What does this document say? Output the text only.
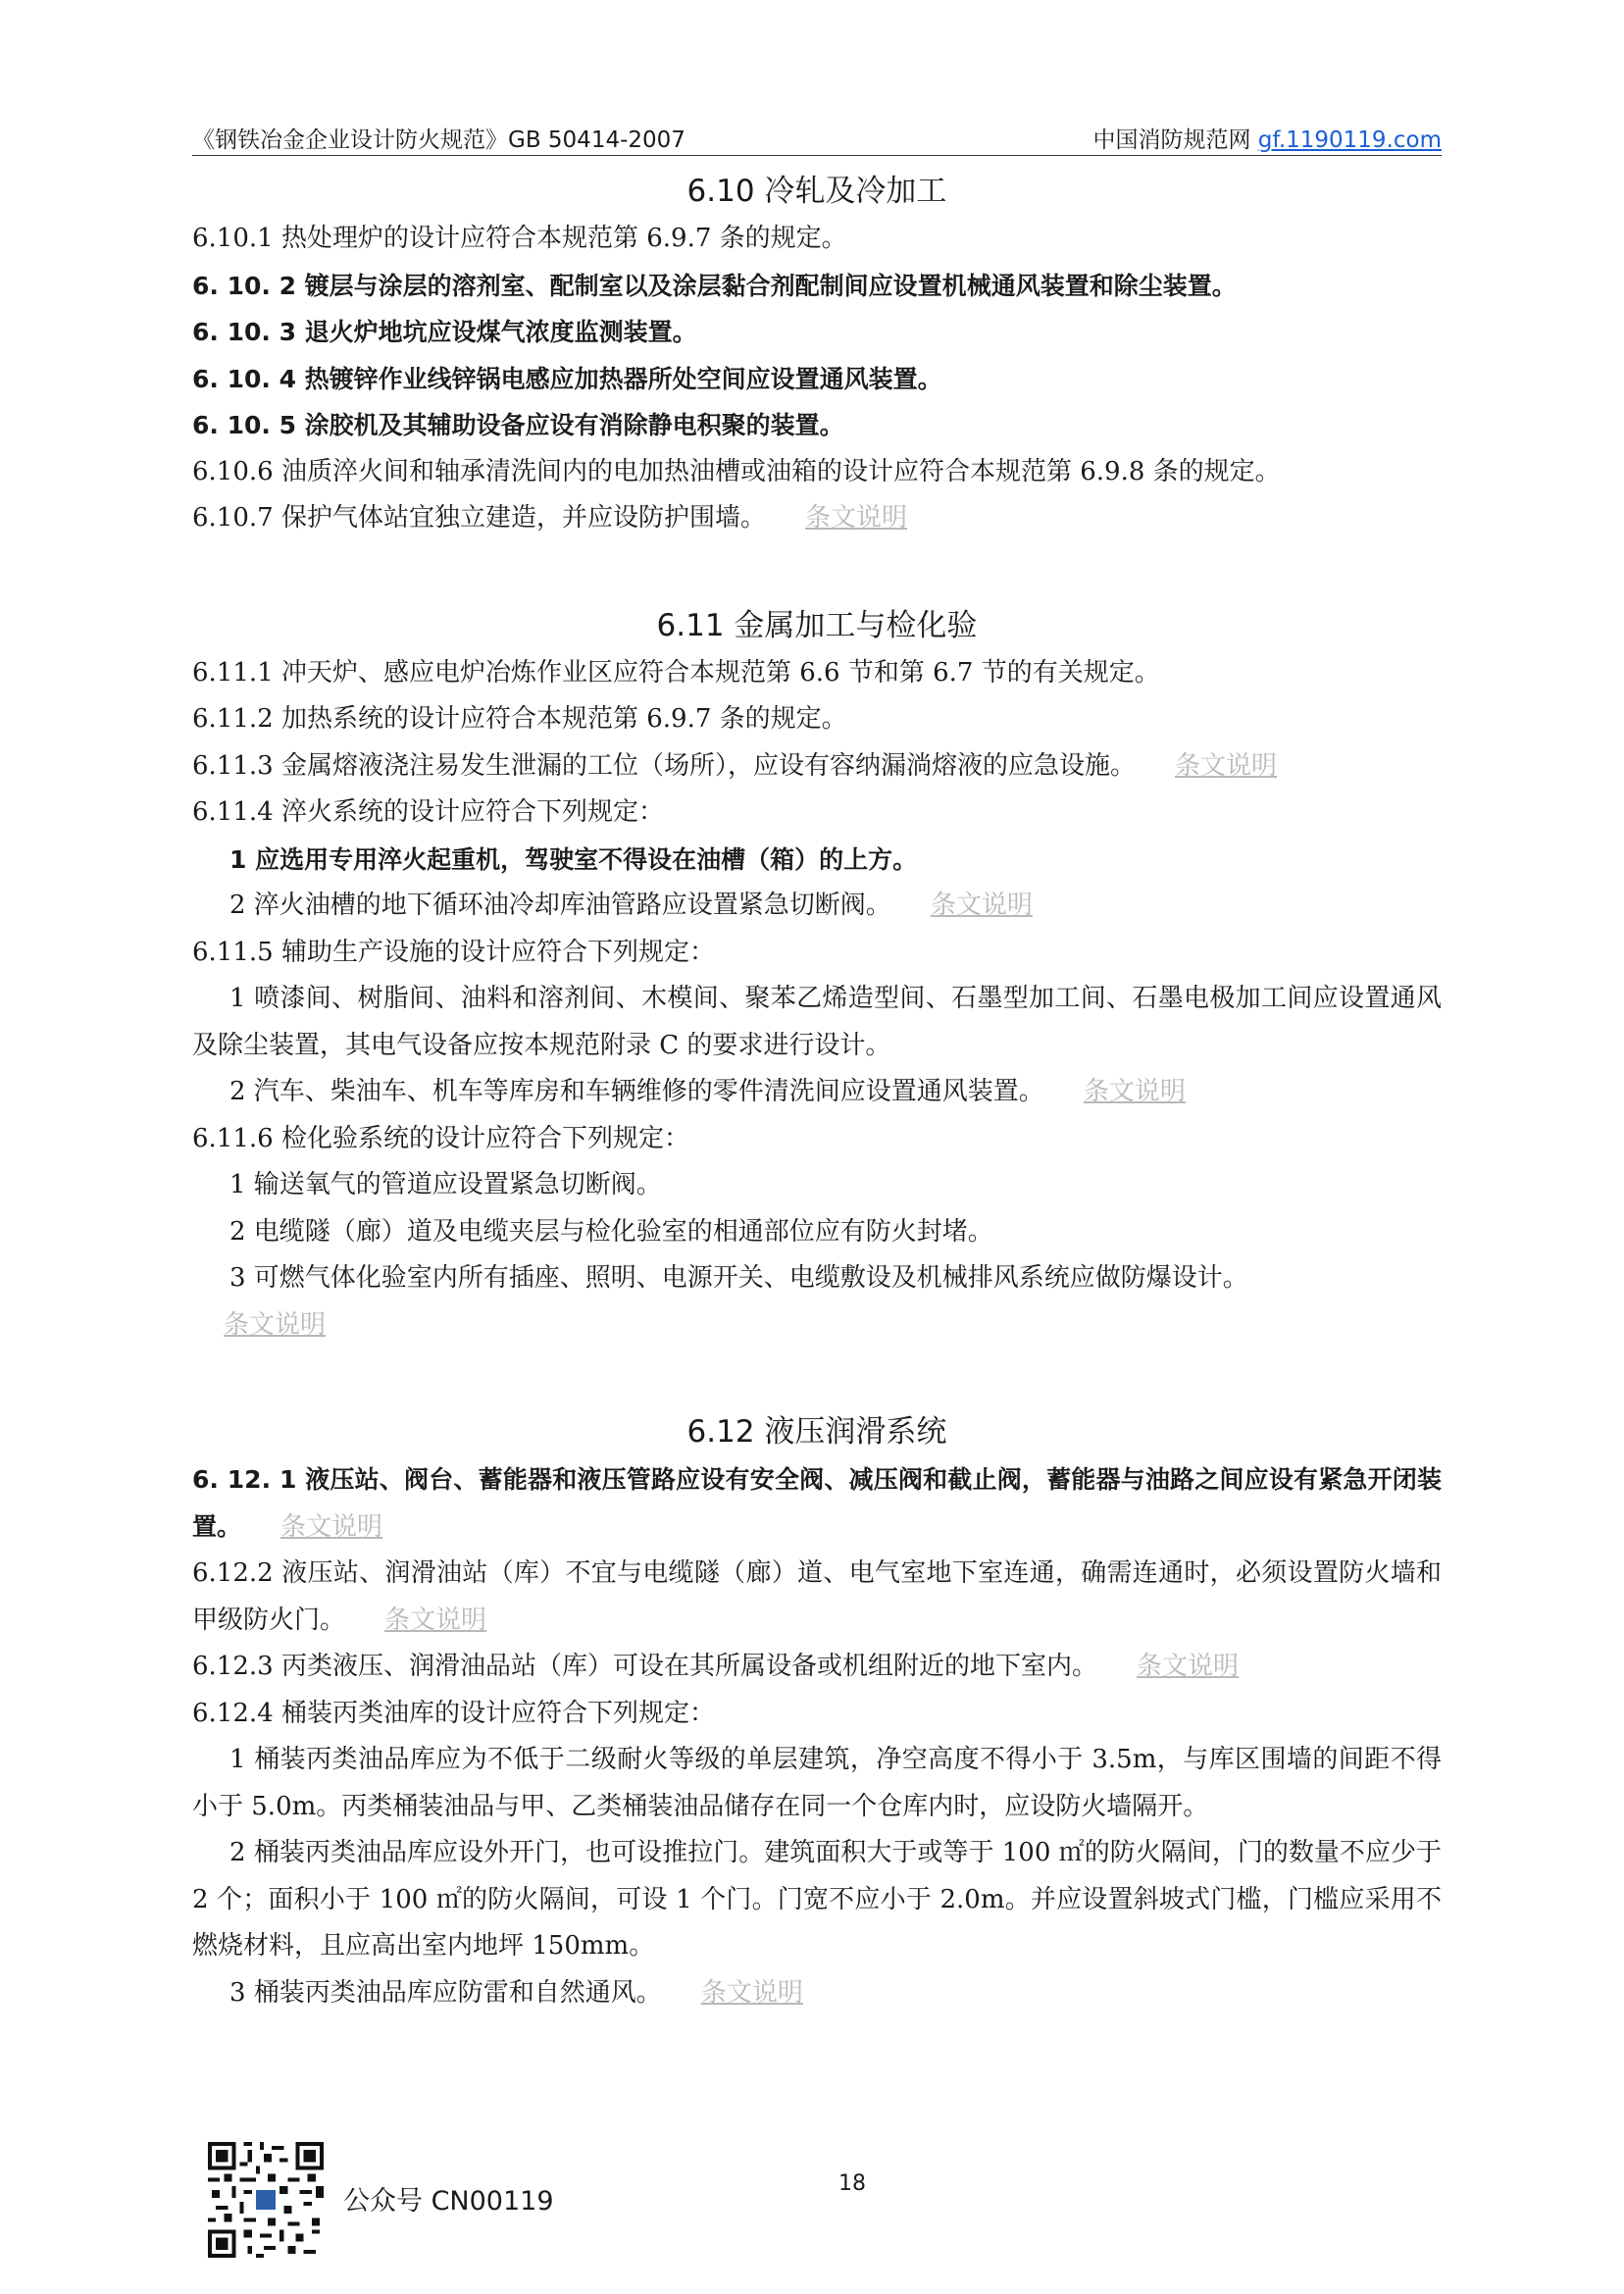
《钢铁冶金企业设计防火规范》GB 50414-2007	中国消防规范网 gf.1190119.com
6.10 冷轧及冷加工

6.10.1 热处理炉的设计应符合本规范第 6.9.7 条的规定。

6. 10. 2 镀层与涂层的溶剂室、配制室以及涂层黏合剂配制间应设置机械通风装置和除尘装置。

6. 10. 3 退火炉地坑应设煤气浓度监测装置。

6. 10. 4 热镀锌作业线锌锅电感应加热器所处空间应设置通风装置。

6. 10. 5 涂胶机及其辅助设备应设有消除静电积聚的装置。

6.10.6 油质淬火间和轴承清洗间内的电加热油槽或油箱的设计应符合本规范第 6.9.8 条的规定。

6.10.7 保护气体站宜独立建造，并应设防护围墙。 条文说明

6.11 金属加工与检化验

6.11.1 冲天炉、感应电炉冶炼作业区应符合本规范第 6.6 节和第 6.7 节的有关规定。

6.11.2 加热系统的设计应符合本规范第 6.9.7 条的规定。

6.11.3 金属熔液浇注易发生泄漏的工位（场所），应设有容纳漏淌熔液的应急设施。 条文说明

6.11.4 淬火系统的设计应符合下列规定：

1 应选用专用淬火起重机，驾驶室不得设在油槽（箱）的上方。

2 淬火油槽的地下循环油冷却库油管路应设置紧急切断阀。 条文说明

6.11.5 辅助生产设施的设计应符合下列规定：

1 喷漆间、树脂间、油料和溶剂间、木模间、聚苯乙烯造型间、石墨型加工间、石墨电极加工间应设置通风及除尘装置，其电气设备应按本规范附录 C 的要求进行设计。

2 汽车、柴油车、机车等库房和车辆维修的零件清洗间应设置通风装置。 条文说明

6.11.6 检化验系统的设计应符合下列规定：

1 输送氧气的管道应设置紧急切断阀。

2 电缆隧（廊）道及电缆夹层与检化验室的相通部位应有防火封堵。

3 可燃气体化验室内所有插座、照明、电源开关、电缆敷设及机械排风系统应做防爆设计。

条文说明

6.12 液压润滑系统

6. 12. 1 液压站、阀台、蓄能器和液压管路应设有安全阀、减压阀和截止阀，蓄能器与油路之间应设有紧急开闭装置。 条文说明

6.12.2 液压站、润滑油站（库）不宜与电缆隧（廊）道、电气室地下室连通，确需连通时，必须设置防火墙和甲级防火门。 条文说明

6.12.3 丙类液压、润滑油品站（库）可设在其所属设备或机组附近的地下室内。 条文说明

6.12.4 桶装丙类油库的设计应符合下列规定：

1 桶装丙类油品库应为不低于二级耐火等级的单层建筑，净空高度不得小于 3.5m，与库区围墙的间距不得小于 5.0m。丙类桶装油品与甲、乙类桶装油品储存在同一个仓库内时，应设防火墙隔开。

2 桶装丙类油品库应设外开门，也可设推拉门。建筑面积大于或等于 100 ㎡的防火隔间，门的数量不应少于 2 个；面积小于 100 ㎡的防火隔间，可设 1 个门。门宽不应小于 2.0m。并应设置斜坡式门槛，门槛应采用不燃烧材料，且应高出室内地坪 150mm。

3 桶装丙类油品库应防雷和自然通风。 条文说明

公众号 CN00119
18
